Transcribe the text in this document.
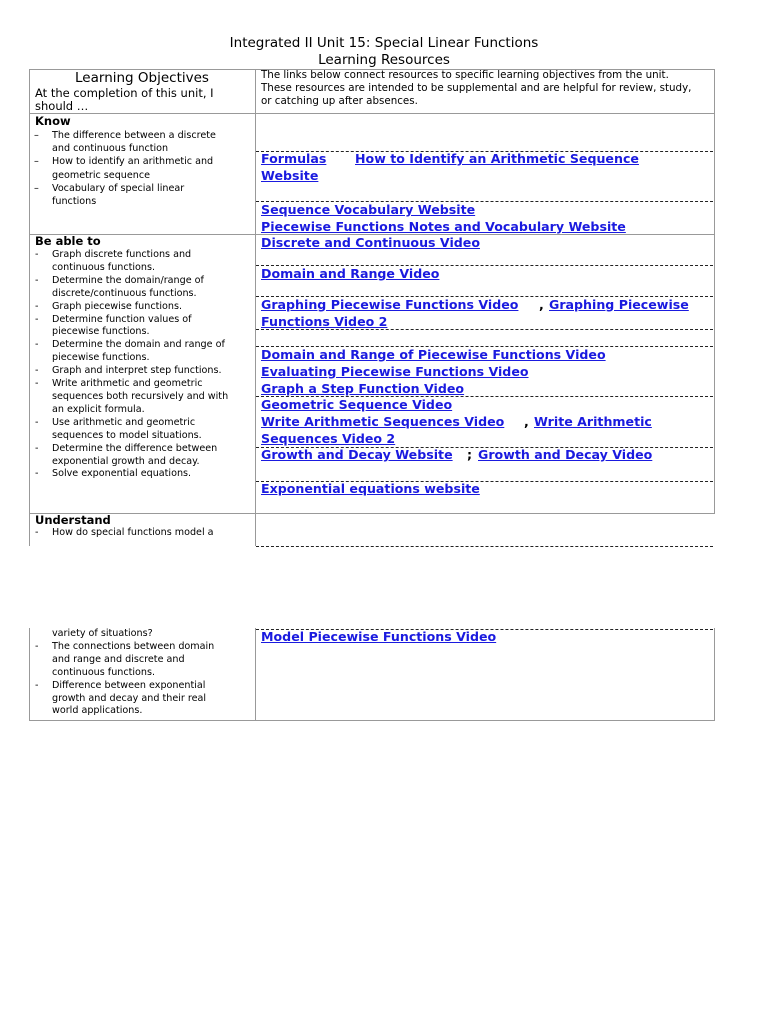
Integrated II Unit 15: Special Linear Functions
Learning Resources
Learning Objectives
At the completion of this unit, I
should …
The links below connect resources to specific learning objectives from the unit.
These resources are intended to be supplemental and are helpful for review, study,
or catching up after absences.
Know
– The difference between a discrete
and continuous function
– How to identify an arithmetic and
geometric sequence
– Vocabulary of special linear
functions
Be able to
- Graph discrete functions and
continuous functions.
- Determine the domain/range of
discrete/continuous functions.
- Graph piecewise functions.
- Determine function values of
piecewise functions.
- Determine the domain and range of
piecewise functions.
- Graph and interpret step functions.
- Write arithmetic and geometric
sequences both recursively and with
an explicit formula.
- Use arithmetic and geometric
sequences to model situations.
- Determine the difference between
exponential growth and decay.
- Solve exponential equations.
Understand
- How do special functions model a
variety of situations?
- The connections between domain
and range and discrete and
continuous functions.
- Difference between exponential
growth and decay and their real
world applications.
Formulas How to Identify an Arithmetic Sequence
Website
Sequence Vocabulary Website
Piecewise Functions Notes and Vocabulary Website
Discrete and Continuous Video
Domain and Range Video
Graphing Piecewise Functions Video , Graphing Piecewise
Functions Video 2
Domain and Range of Piecewise Functions Video
Evaluating Piecewise Functions Video
Graph a Step Function Video
Geometric Sequence Video
Write Arithmetic Sequences Video , Write Arithmetic
Sequences Video 2
Growth and Decay Website ; Growth and Decay Video
Exponential equations website
Model Piecewise Functions Video
